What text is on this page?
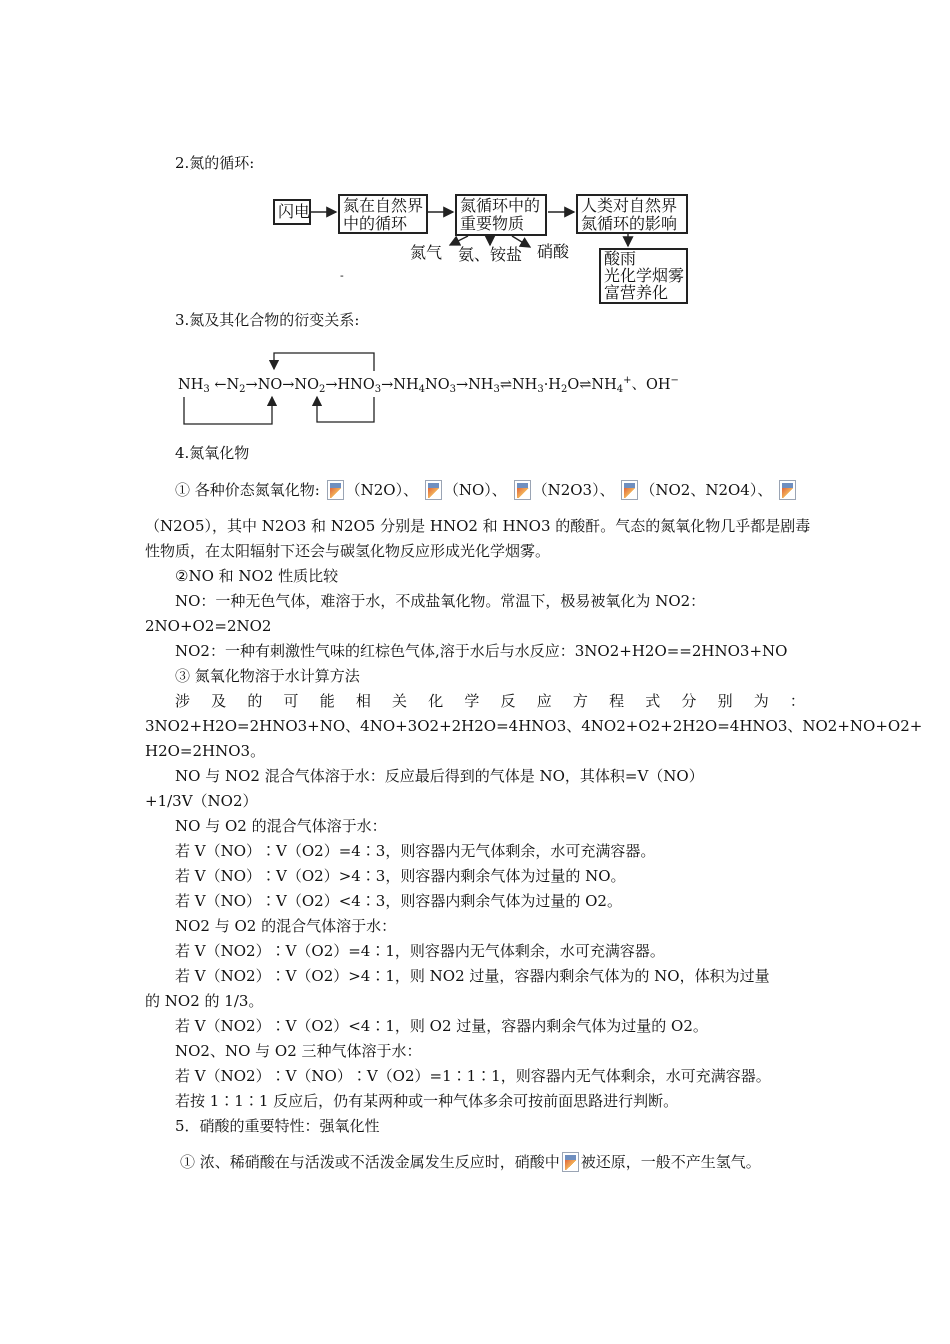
2.氮的循环:
闪电 氮在自然界
中的循环
氮循环中的
重要物质
人类对自然界
氮循环的影响
酸雨
光化学烟雾
富营养化
氮气 氨、铵盐 硝酸
-
3.氮及其化合物的衍变关系:
$NH_3$ $\leftarrow N_2\to NO\to NO_2\to HNO_3\to NH_4NO_3\to NH_3\rightleftharpoons NH_3\cdot H_2O\rightleftharpoons NH_4^+$、OH−
4.氮氧化物
① 各种价态氮氧化物: （N2O）、 （NO）、 （N2O3）、 （NO2、N2O4）、
（N2O5），其中 N2O3 和 N2O5 分别是 HNO2 和 HNO3 的酸酐。气态的氮氧化物几乎都是剧毒
性物质，在太阳辐射下还会与碳氢化物反应形成光化学烟雾。
②NO 和 NO2 性质比较
NO：一种无色气体，难溶于水，不成盐氧化物。常温下，极易被氧化为 NO2：
2NO+O2=2NO2
NO2：一种有刺激性气味的红棕色气体,溶于水后与水反应：3NO2+H2O==2HNO3+NO
③ 氮氧化物溶于水计算方法
涉 及 的 可 能 相 关 化 学 反 应 方 程 式 分 别 为 ：
3NO2+H2O=2HNO3+NO、4NO+3O2+2H2O=4HNO3、4NO2+O2+2H2O=4HNO3、NO2+NO+O2+
H2O=2HNO3。
NO 与 NO2 混合气体溶于水：反应最后得到的气体是 NO，其体积=V（NO）
+1/3V（NO2）
NO 与 O2 的混合气体溶于水：
若 V（NO）∶V（O2）=4∶3，则容器内无气体剩余，水可充满容器。
若 V（NO）∶V（O2）>4∶3，则容器内剩余气体为过量的 NO。
若 V（NO）∶V（O2）<4∶3，则容器内剩余气体为过量的 O2。
NO2 与 O2 的混合气体溶于水：
若 V（NO2）∶V（O2）=4∶1，则容器内无气体剩余，水可充满容器。
若 V（NO2）∶V（O2）>4∶1，则 NO2 过量，容器内剩余气体为的 NO，体积为过量
的 NO2 的 1/3。
若 V（NO2）∶V（O2）<4∶1，则 O2 过量，容器内剩余气体为过量的 O2。
NO2、NO 与 O2 三种气体溶于水：
若 V（NO2）∶V（NO）∶V（O2）=1∶1∶1，则容器内无气体剩余，水可充满容器。
若按 1∶1∶1 反应后，仍有某两种或一种气体多余可按前面思路进行判断。
5．硝酸的重要特性：强氧化性
① 浓、稀硝酸在与活泼或不活泼金属发生反应时，硝酸中 被还原，一般不产生氢气。
